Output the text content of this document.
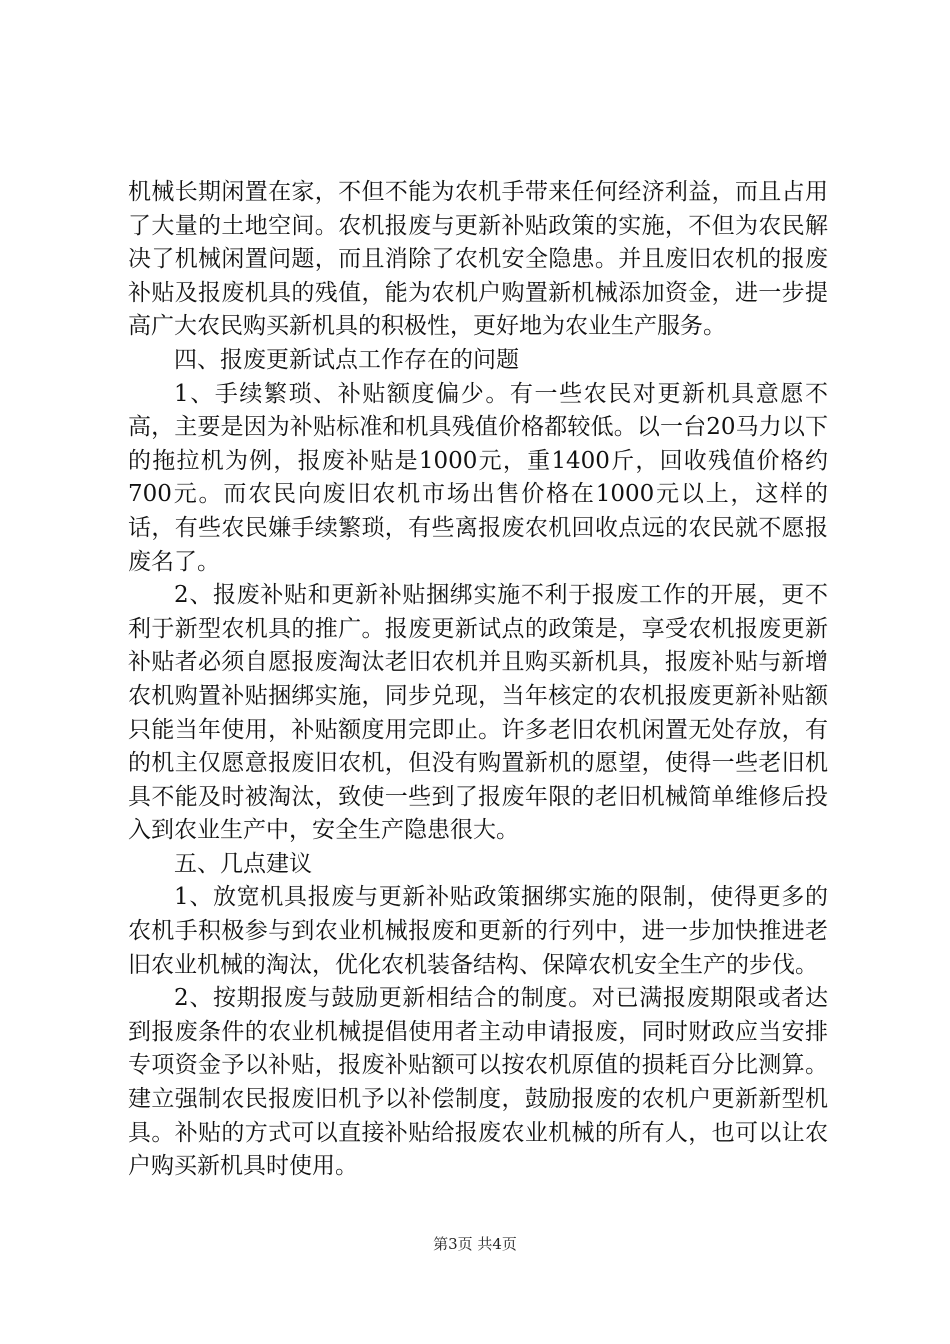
机械长期闲置在家，不但不能为农机手带来任何经济利益，而且占用了大量的土地空间。农机报废与更新补贴政策的实施，不但为农民解决了机械闲置问题，而且消除了农机安全隐患。并且废旧农机的报废补贴及报废机具的残值，能为农机户购置新机械添加资金，进一步提高广大农民购买新机具的积极性，更好地为农业生产服务。

四、报废更新试点工作存在的问题

1、手续繁琐、补贴额度偏少。有一些农民对更新机具意愿不高，主要是因为补贴标准和机具残值价格都较低。以一台20马力以下的拖拉机为例，报废补贴是1000元，重1400斤，回收残值价格约700元。而农民向废旧农机市场出售价格在1000元以上，这样的话，有些农民嫌手续繁琐，有些离报废农机回收点远的农民就不愿报废名了。

2、报废补贴和更新补贴捆绑实施不利于报废工作的开展，更不利于新型农机具的推广。报废更新试点的政策是，享受农机报废更新补贴者必须自愿报废淘汰老旧农机并且购买新机具，报废补贴与新增农机购置补贴捆绑实施，同步兑现，当年核定的农机报废更新补贴额只能当年使用，补贴额度用完即止。许多老旧农机闲置无处存放，有的机主仅愿意报废旧农机，但没有购置新机的愿望，使得一些老旧机具不能及时被淘汰，致使一些到了报废年限的老旧机械简单维修后投入到农业生产中，安全生产隐患很大。

五、几点建议

1、放宽机具报废与更新补贴政策捆绑实施的限制，使得更多的农机手积极参与到农业机械报废和更新的行列中，进一步加快推进老旧农业机械的淘汰，优化农机装备结构、保障农机安全生产的步伐。

2、按期报废与鼓励更新相结合的制度。对已满报废期限或者达到报废条件的农业机械提倡使用者主动申请报废，同时财政应当安排专项资金予以补贴，报废补贴额可以按农机原值的损耗百分比测算。建立强制农民报废旧机予以补偿制度，鼓励报废的农机户更新新型机具。补贴的方式可以直接补贴给报废农业机械的所有人，也可以让农户购买新机具时使用。

第3页 共4页
